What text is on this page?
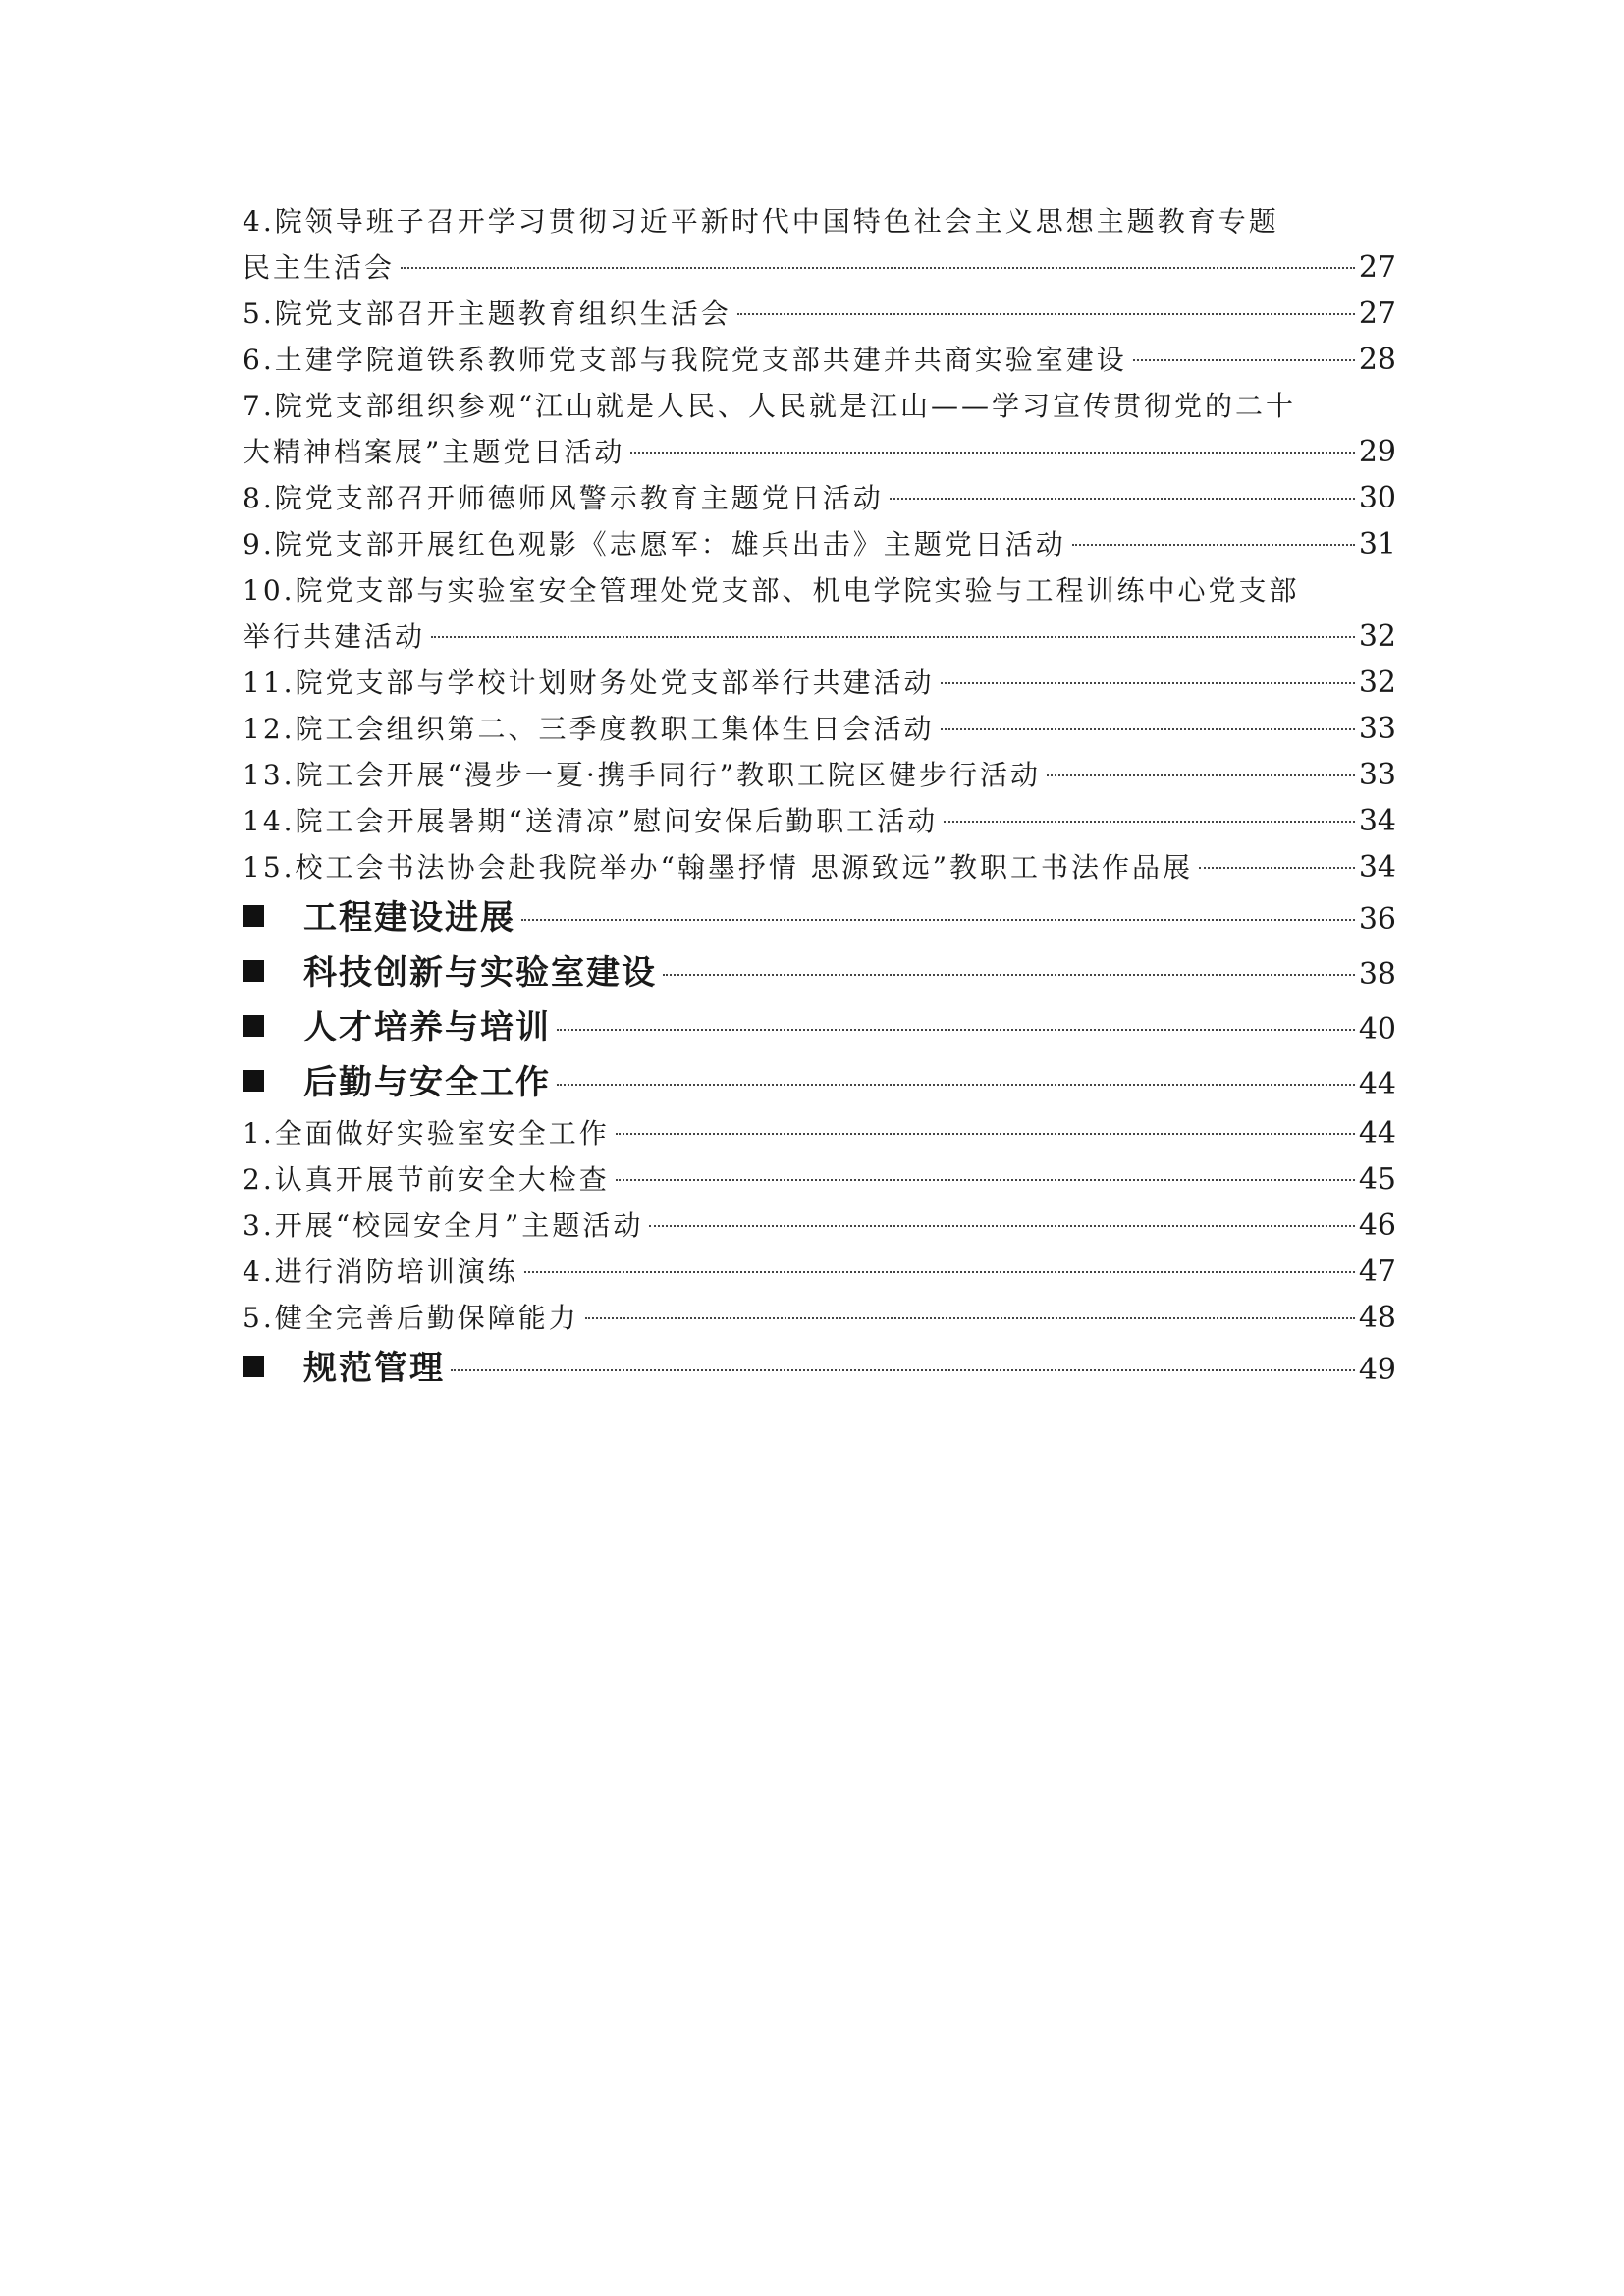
4.院领导班子召开学习贯彻习近平新时代中国特色社会主义思想主题教育专题
民主生活会	27
5.院党支部召开主题教育组织生活会	27
6.土建学院道铁系教师党支部与我院党支部共建并共商实验室建设	28
7.院党支部组织参观“江山就是人民、人民就是江山——学习宣传贯彻党的二十
大精神档案展”主题党日活动	29
8.院党支部召开师德师风警示教育主题党日活动	30
9.院党支部开展红色观影《志愿军：雄兵出击》主题党日活动	31
10.院党支部与实验室安全管理处党支部、机电学院实验与工程训练中心党支部
举行共建活动	32
11.院党支部与学校计划财务处党支部举行共建活动	32
12.院工会组织第二、三季度教职工集体生日会活动	33
13.院工会开展“漫步一夏·携手同行”教职工院区健步行活动	33
14.院工会开展暑期“送清凉”慰问安保后勤职工活动	34
15.校工会书法协会赴我院举办“翰墨抒情 思源致远”教职工书法作品展	34
工程建设进展	36
科技创新与实验室建设	38
人才培养与培训	40
后勤与安全工作	44
1.全面做好实验室安全工作	44
2.认真开展节前安全大检查	45
3.开展“校园安全月”主题活动	46
4.进行消防培训演练	47
5.健全完善后勤保障能力	48
规范管理	49
